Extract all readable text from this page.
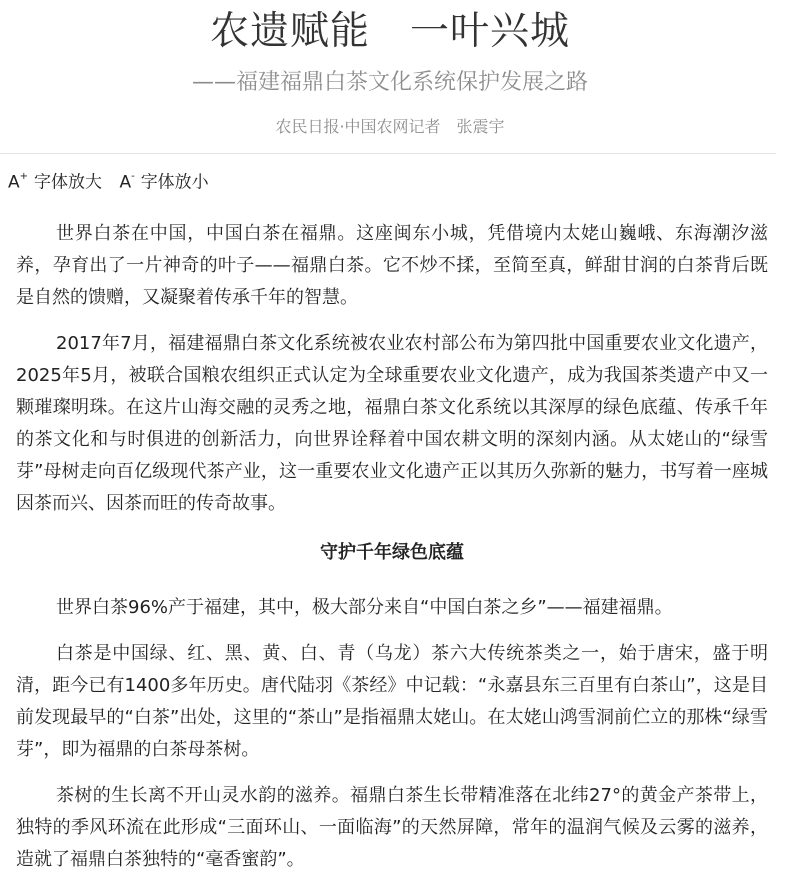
农遗赋能　一叶兴城
——福建福鼎白茶文化系统保护发展之路
农民日报·中国农网记者　张震宇
A+ 字体放大 A- 字体放小

世界白茶在中国，中国白茶在福鼎。这座闽东小城，凭借境内太姥山巍峨、东海潮汐滋养，孕育出了一片神奇的叶子——福鼎白茶。它不炒不揉，至简至真，鲜甜甘润的白茶背后既是自然的馈赠，又凝聚着传承千年的智慧。

2017年7月，福建福鼎白茶文化系统被农业农村部公布为第四批中国重要农业文化遗产，2025年5月，被联合国粮农组织正式认定为全球重要农业文化遗产，成为我国茶类遗产中又一颗璀璨明珠。在这片山海交融的灵秀之地，福鼎白茶文化系统以其深厚的绿色底蕴、传承千年的茶文化和与时俱进的创新活力，向世界诠释着中国农耕文明的深刻内涵。从太姥山的“绿雪芽”母树走向百亿级现代茶产业，这一重要农业文化遗产正以其历久弥新的魅力，书写着一座城因茶而兴、因茶而旺的传奇故事。

守护千年绿色底蕴

世界白茶96%产于福建，其中，极大部分来自“中国白茶之乡”——福建福鼎。

白茶是中国绿、红、黑、黄、白、青（乌龙）茶六大传统茶类之一，始于唐宋，盛于明清，距今已有1400多年历史。唐代陆羽《茶经》中记载：“永嘉县东三百里有白茶山”，这是目前发现最早的“白茶”出处，这里的“茶山”是指福鼎太姥山。在太姥山鸿雪洞前伫立的那株“绿雪芽”，即为福鼎的白茶母茶树。

茶树的生长离不开山灵水韵的滋养。福鼎白茶生长带精准落在北纬27°的黄金产茶带上，独特的季风环流在此形成“三面环山、一面临海”的天然屏障，常年的温润气候及云雾的滋养，造就了福鼎白茶独特的“毫香蜜韵”。
